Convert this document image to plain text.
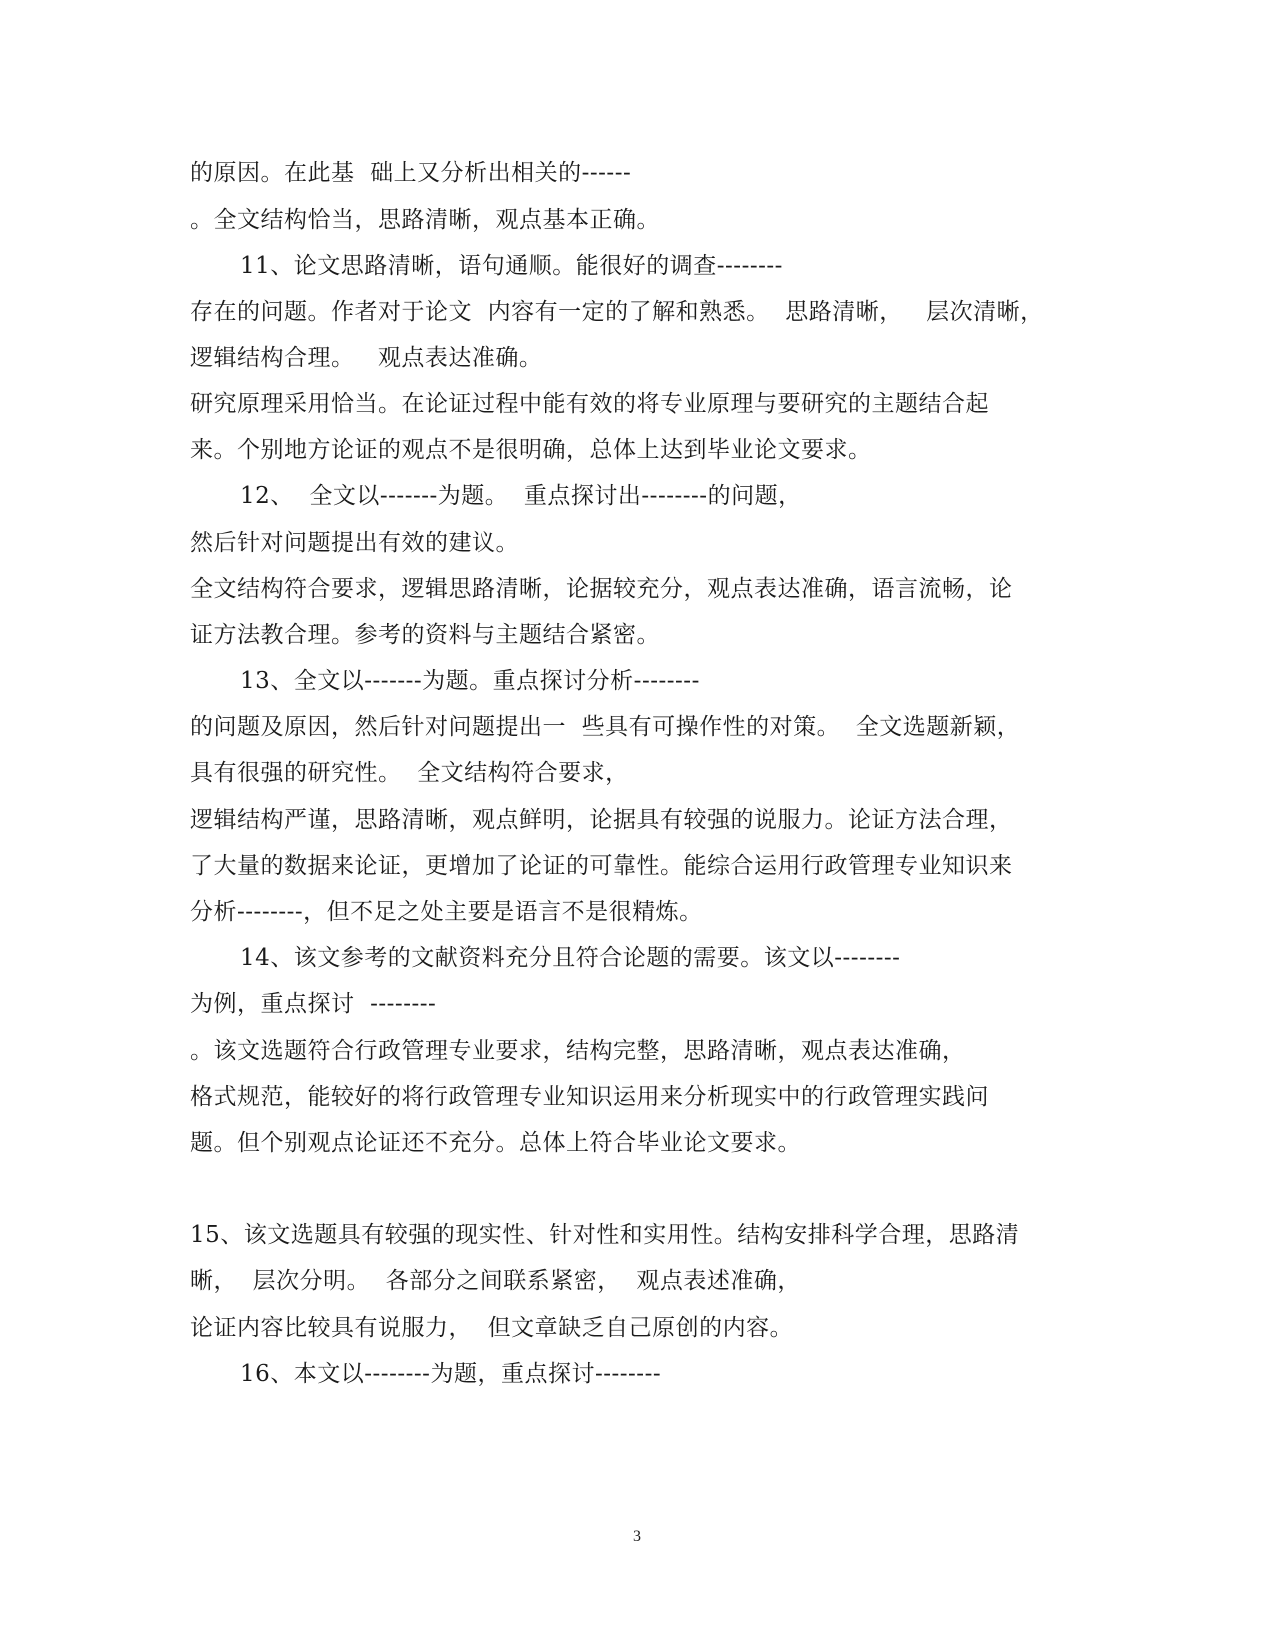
的原因。在此基  础上又分析出相关的------
。全文结构恰当，思路清晰，观点基本正确。
11、论文思路清晰，语句通顺。能很好的调查--------
存在的问题。作者对于论文  内容有一定的了解和熟悉。  思路清晰，   层次清晰，
逻辑结构合理。   观点表达准确。
研究原理采用恰当。在论证过程中能有效的将专业原理与要研究的主题结合起
来。个别地方论证的观点不是很明确，总体上达到毕业论文要求。
12、  全文以-------为题。  重点探讨出--------的问题，
然后针对问题提出有效的建议。
全文结构符合要求，逻辑思路清晰，论据较充分，观点表达准确，语言流畅，论
证方法教合理。参考的资料与主题结合紧密。
13、全文以-------为题。重点探讨分析--------
的问题及原因，然后针对问题提出一  些具有可操作性的对策。  全文选题新颖，
具有很强的研究性。  全文结构符合要求，
逻辑结构严谨，思路清晰，观点鲜明，论据具有较强的说服力。论证方法合理，
了大量的数据来论证，更增加了论证的可靠性。能综合运用行政管理专业知识来
分析--------，但不足之处主要是语言不是很精炼。
14、该文参考的文献资料充分且符合论题的需要。该文以--------
为例，重点探讨  --------
。该文选题符合行政管理专业要求，结构完整，思路清晰，观点表达准确，
格式规范，能较好的将行政管理专业知识运用来分析现实中的行政管理实践问
题。但个别观点论证还不充分。总体上符合毕业论文要求。
15、该文选题具有较强的现实性、针对性和实用性。结构安排科学合理，思路清
晰，  层次分明。  各部分之间联系紧密，  观点表述准确，
论证内容比较具有说服力，  但文章缺乏自己原创的内容。
16、本文以--------为题，重点探讨--------
3
